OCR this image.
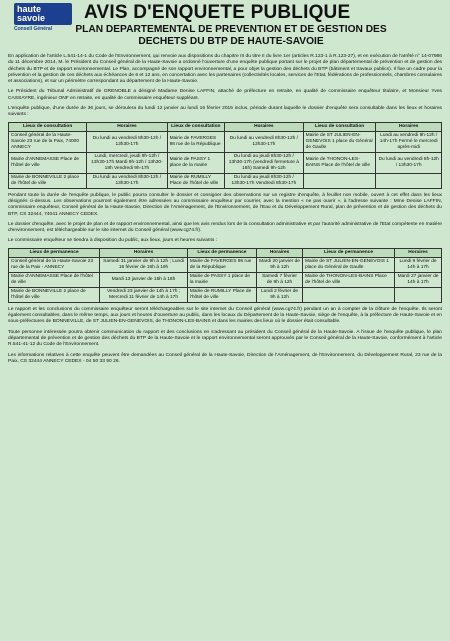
haute
savoie
Conseil Général
AVIS D'ENQUETE PUBLIQUE
PLAN DEPARTEMENTAL DE PREVENTION ET DE GESTION DES
DECHETS DU BTP DE HAUTE-SAVOIE

En application de l'article L.541-14-1 du Code de l'Environnement, qui renvoie aux dispositions du chapitre III du titre II du livre 1er (articles R.123-1 à R.123-27), et en exécution de l'arrêté n° 14-07986 du 11 décembre 2014, M. le Président du Conseil général de la Haute-Savoie a ordonné l'ouverture d'une enquête publique portant sur le projet de plan départemental de prévention et de gestion des déchets du BTP et de rapport environnemental. Le Plan, accompagné de son rapport environnemental, a pour objet la gestion des déchets du BTP (bâtiment et travaux publics). Il fixe un cadre pour la prévention et la gestion de ces déchets aux échéances de 6 et 12 ans, en concertation avec les partenaires (collectivités locales, services de l'Etat, fédérations de professionnels, chambres consulaires et associations), et sur un périmètre correspondant au département de la Haute-Savoie.

Le Président du Tribunal Administratif de GRENOBLE a désigné Madame Denise LAFFIN, attaché de préfecture en retraite, en qualité de commissaire enquêteur titulaire, et Monsieur Yves CASSAYRE, ingénieur ONF en retraite, en qualité de commissaire enquêteur suppléant.

L'enquête publique, d'une durée de 36 jours, se déroulera du lundi 12 janvier au lundi 16 février 2015 inclus, période durant laquelle le dossier d'enquête sera consultable dans les lieux et horaires suivants :

Lieux de consultation	Horaires	Lieux de consultation	Horaires	Lieux de consultation	Horaires
Conseil général de la Haute-Savoie 23 rue de la Paix, 74000 ANNECY	Du lundi au vendredi 8h30-12h / 13h30-17h	Mairie de FAVERGES 98 rue de la République	Du lundi au vendredi 8h30-12h / 13h30-17h	Mairie de ST JULIEN-EN-GENEVOIS 1 place du Général de Gaulle	Lundi au vendredi 9h-12h / 14h-17h Fermé le mercredi après-midi
Mairie d'ANNEMASSE Place de l'hôtel de ville	Lundi, mercredi, jeudi 9h-12h / 13h30-17h Mardi 9h-12h / 13h30-18h Vendredi 9h-17h	Mairie de PASSY 1 place de la mairie	Du lundi au jeudi 8h30-12h / 13h30-17h (vendredi fermeture à 16h) Samedi 9h-12h	Mairie de THONON-LES-BAINS Place de l'hôtel de ville	Du lundi au vendredi 8h-12h / 13h30-17h
Mairie de BONNEVILLE 2 place de l'hôtel de ville	Du lundi au vendredi 8h30-12h / 13h30-17h	Mairie de RUMILLY Place de l'hôtel de ville	Du lundi au jeudi 8h30-12h / 13h30-17h Vendredi 8h30-17h		

Pendant toute la durée de l'enquête publique, le public pourra consulter le dossier et consigner des observations sur un registre d'enquête, à feuillet non mobile, ouvert à cet effet dans les lieux désignés ci-dessus. Les observations pourront également être adressées au commissaire enquêteur par courrier, avec la mention « ne pas ouvrir », à l'adresse suivante : Mme Denise LAFFIN, commissaire enquêteur, Conseil général de la Haute-Savoie, Direction de l'Aménagement, de l'Environnement, de l'Eau et du Développement Rural, plan de prévention et de gestion des déchets du BTP, CS 32444, 74041 ANNECY CEDEX.

Le dossier d'enquête, avec le projet de plan et de rapport environnemental, ainsi que les avis rendus lors de la consultation administrative et par l'autorité administrative de l'Etat compétente en matière d'environnement, est téléchargeable sur le site internet du Conseil général (www.cg74.fr).

Le commissaire enquêteur se tiendra à disposition du public, aux lieux, jours et heures suivants :

Lieux de permanence	Horaires	Lieux de permanence	Horaires	Lieux de permanence	Horaires
Conseil général de la Haute-Savoie 23 rue de la Paix - ANNECY	Samedi 31 janvier de 9h à 12h ; Lundi 16 février de 16h à 19h	Mairie de FAVERGES 98 rue de la République	Mardi 20 janvier de 9h à 12h	Mairie de ST JULIEN-EN-GENEVOIS 1 place du Général de Gaulle	Lundi 9 février de 14h à 17h
Mairie d'ANNEMASSE Place de l'hôtel de ville	Mardi 13 janvier de 15h à 18h	Mairie de PASSY 1 place de la mairie	Samedi 7 février de 9h à 12h	Mairie de THONON-LES-BAINS Place de l'hôtel de ville	Mardi 27 janvier de 14h à 17h
Mairie de BONNEVILLE 2 place de l'hôtel de ville	Vendredi 23 janvier de 14h à 17h ; Mercredi 11 février de 14h à 17h	Mairie de RUMILLY Place de l'hôtel de ville	Lundi 2 février de 9h à 12h		

Le rapport et les conclusions du commissaire enquêteur seront téléchargeables sur le site internet du Conseil général (www.cg74.fr) pendant un an à compter de la clôture de l'enquête. Ils seront également consultables, dans le même temps, aux jours et heures d'ouverture au public, dans les locaux du Département de la Haute-Savoie, siège de l'enquête, à la préfecture de Haute-Savoie et en sous-préfectures de BONNEVILLE, de ST JULIEN-EN-GENEVOIS, de THONON-LES-BAINS et dans les mairies des lieux où le dossier était consultable.

Toute personne intéressée pourra obtenir communication du rapport et des conclusions en s'adressant au président du Conseil général de la Haute-Savoie. A l'issue de l'enquête publique, le plan départemental de prévention et de gestion des déchets du BTP de la Haute-Savoie et le rapport environnemental seront approuvés par le Conseil général de la Haute-Savoie, conformément à l'article R.541-41-12 du Code de l'Environnement.

Les informations relatives à cette enquête peuvent être demandées au Conseil général de la Haute-Savoie, Direction de l'Aménagement, de l'Environnement, du Développement Rural, 23 rue de la Paix, CS 32444 ANNECY CEDEX - 04 50 33 50 26.
